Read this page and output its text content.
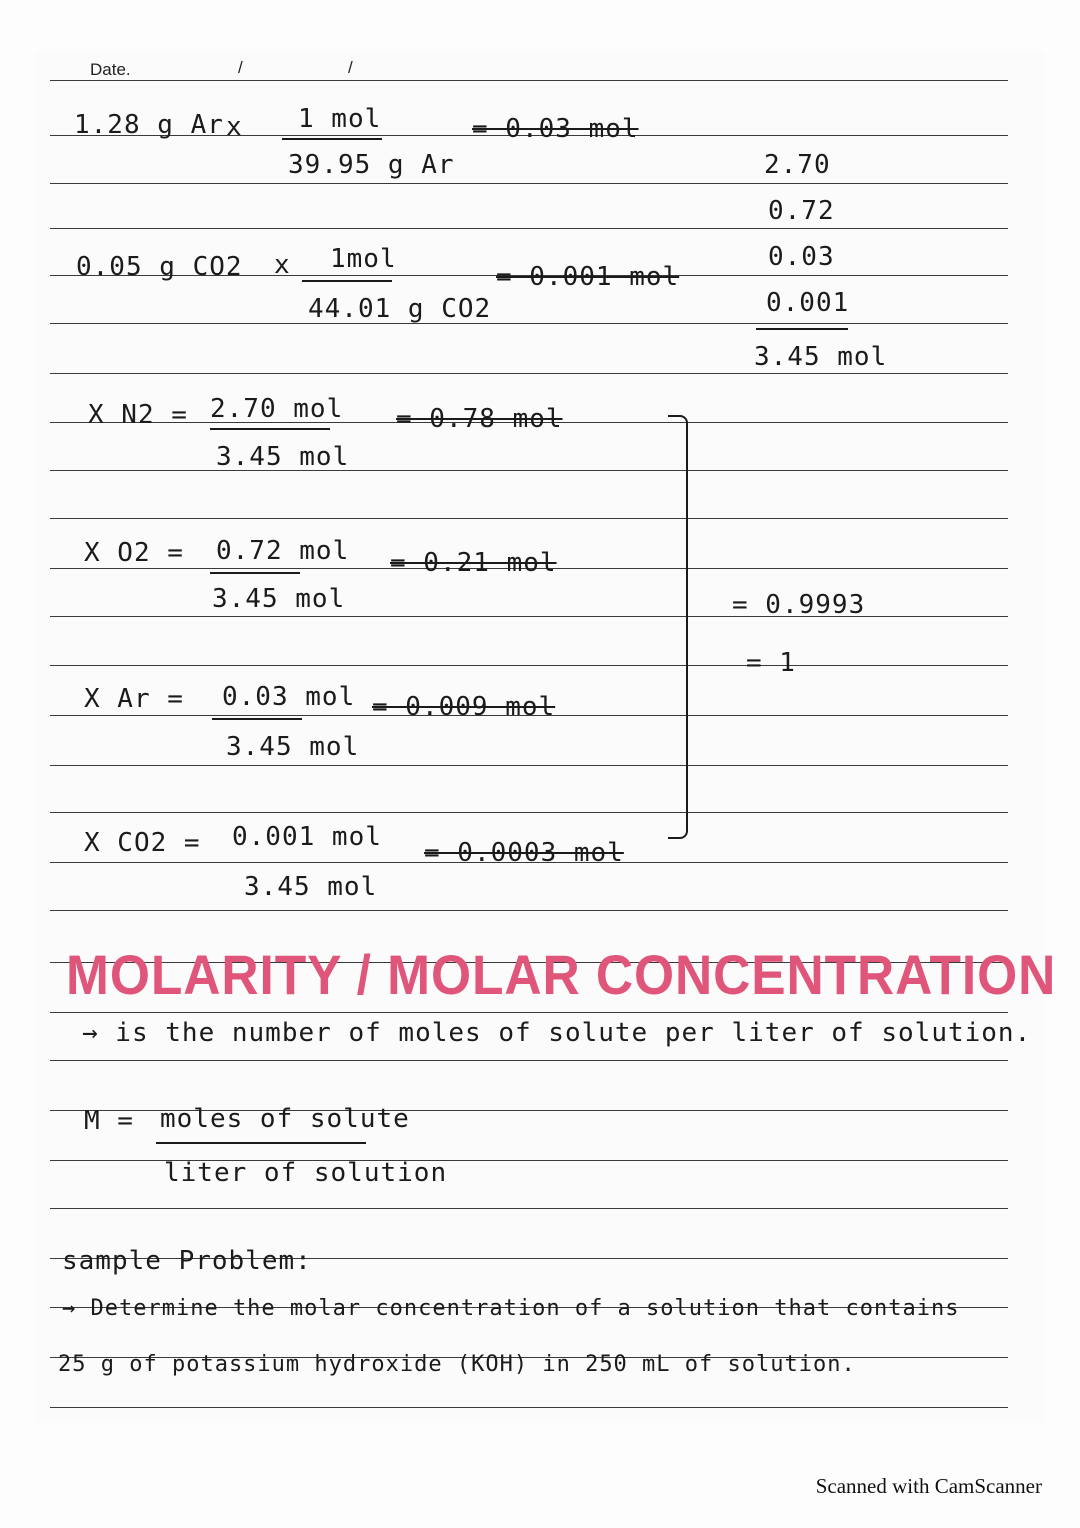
Date.	/	/
1.28 g Ar x 1 mol
39.95 g Ar
= 0.03 mol
0.05 g CO2 x 1mol
44.01 g CO2
= 0.001 mol
2.70
0.72
0.03
0.001
3.45 mol
X N2 = 2.70 mol
3.45 mol
= 0.78 mol
X O2 = 0.72 mol
3.45 mol
= 0.21 mol
X Ar = 0.03 mol
3.45 mol
= 0.009 mol
X CO2 = 0.001 mol
3.45 mol
= 0.0003 mol
= 0.9993
= 1
MOLARITY / MOLAR CONCENTRATION
→ is the number of moles of solute per liter of solution.
M = moles of solute
liter of solution
sample Problem:
→ Determine the molar concentration of a solution that contains
25 g of potassium hydroxide (KOH) in 250 mL of solution.
Scanned with CamScanner
